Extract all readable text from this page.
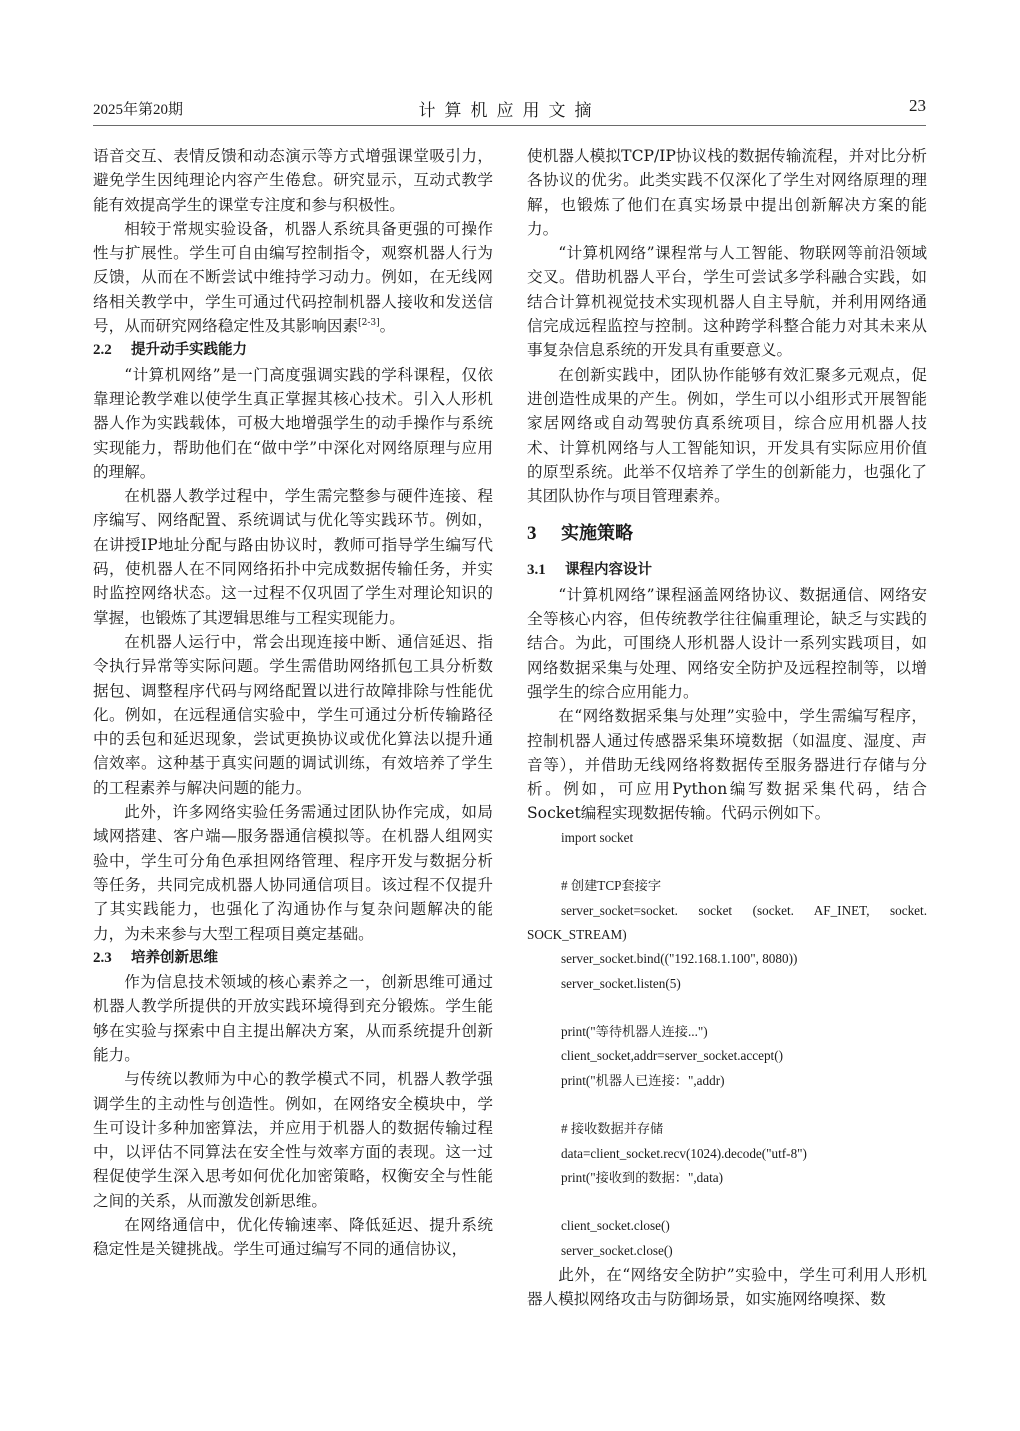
2025年第20期	计算机应用文摘	23

语音交互、表情反馈和动态演示等方式增强课堂吸引力，避免学生因纯理论内容产生倦怠。研究显示，互动式教学能有效提高学生的课堂专注度和参与积极性。

相较于常规实验设备，机器人系统具备更强的可操作性与扩展性。学生可自由编写控制指令，观察机器人行为反馈，从而在不断尝试中维持学习动力。例如，在无线网络相关教学中，学生可通过代码控制机器人接收和发送信号，从而研究网络稳定性及其影响因素[2-3]。

2.2 提升动手实践能力

“计算机网络”是一门高度强调实践的学科课程，仅依靠理论教学难以使学生真正掌握其核心技术。引入人形机器人作为实践载体，可极大地增强学生的动手操作与系统实现能力，帮助他们在“做中学”中深化对网络原理与应用的理解。

在机器人教学过程中，学生需完整参与硬件连接、程序编写、网络配置、系统调试与优化等实践环节。例如，在讲授IP地址分配与路由协议时，教师可指导学生编写代码，使机器人在不同网络拓扑中完成数据传输任务，并实时监控网络状态。这一过程不仅巩固了学生对理论知识的掌握，也锻炼了其逻辑思维与工程实现能力。

在机器人运行中，常会出现连接中断、通信延迟、指令执行异常等实际问题。学生需借助网络抓包工具分析数据包、调整程序代码与网络配置以进行故障排除与性能优化。例如，在远程通信实验中，学生可通过分析传输路径中的丢包和延迟现象，尝试更换协议或优化算法以提升通信效率。这种基于真实问题的调试训练，有效培养了学生的工程素养与解决问题的能力。

此外，许多网络实验任务需通过团队协作完成，如局域网搭建、客户端—服务器通信模拟等。在机器人组网实验中，学生可分角色承担网络管理、程序开发与数据分析等任务，共同完成机器人协同通信项目。该过程不仅提升了其实践能力，也强化了沟通协作与复杂问题解决的能力，为未来参与大型工程项目奠定基础。

2.3 培养创新思维

作为信息技术领域的核心素养之一，创新思维可通过机器人教学所提供的开放实践环境得到充分锻炼。学生能够在实验与探索中自主提出解决方案，从而系统提升创新能力。

与传统以教师为中心的教学模式不同，机器人教学强调学生的主动性与创造性。例如，在网络安全模块中，学生可设计多种加密算法，并应用于机器人的数据传输过程中，以评估不同算法在安全性与效率方面的表现。这一过程促使学生深入思考如何优化加密策略，权衡安全与性能之间的关系，从而激发创新思维。

在网络通信中，优化传输速率、降低延迟、提升系统稳定性是关键挑战。学生可通过编写不同的通信协议，

使机器人模拟TCP/IP协议栈的数据传输流程，并对比分析各协议的优劣。此类实践不仅深化了学生对网络原理的理解，也锻炼了他们在真实场景中提出创新解决方案的能力。

“计算机网络”课程常与人工智能、物联网等前沿领域交叉。借助机器人平台，学生可尝试多学科融合实践，如结合计算机视觉技术实现机器人自主导航，并利用网络通信完成远程监控与控制。这种跨学科整合能力对其未来从事复杂信息系统的开发具有重要意义。

在创新实践中，团队协作能够有效汇聚多元观点，促进创造性成果的产生。例如，学生可以小组形式开展智能家居网络或自动驾驶仿真系统项目，综合应用机器人技术、计算机网络与人工智能知识，开发具有实际应用价值的原型系统。此举不仅培养了学生的创新能力，也强化了其团队协作与项目管理素养。

3 实施策略
3.1 课程内容设计

“计算机网络”课程涵盖网络协议、数据通信、网络安全等核心内容，但传统教学往往偏重理论，缺乏与实践的结合。为此，可围绕人形机器人设计一系列实践项目，如网络数据采集与处理、网络安全防护及远程控制等，以增强学生的综合应用能力。

在“网络数据采集与处理”实验中，学生需编写程序，控制机器人通过传感器采集环境数据（如温度、湿度、声音等），并借助无线网络将数据传至服务器进行存储与分析。例如，可应用Python编写数据采集代码，结合Socket编程实现数据传输。代码示例如下。

import socket

# 创建TCP套接字

server_socket=socket. socket (socket. AF_INET, socket. SOCK_STREAM)

server_socket.bind(("192.168.1.100", 8080))

server_socket.listen(5)

print("等待机器人连接...")

client_socket,addr=server_socket.accept()

print("机器人已连接：",addr)

# 接收数据并存储

data=client_socket.recv(1024).decode("utf-8")

print("接收到的数据：",data)

client_socket.close()

server_socket.close()

此外，在“网络安全防护”实验中，学生可利用人形机器人模拟网络攻击与防御场景，如实施网络嗅探、数
